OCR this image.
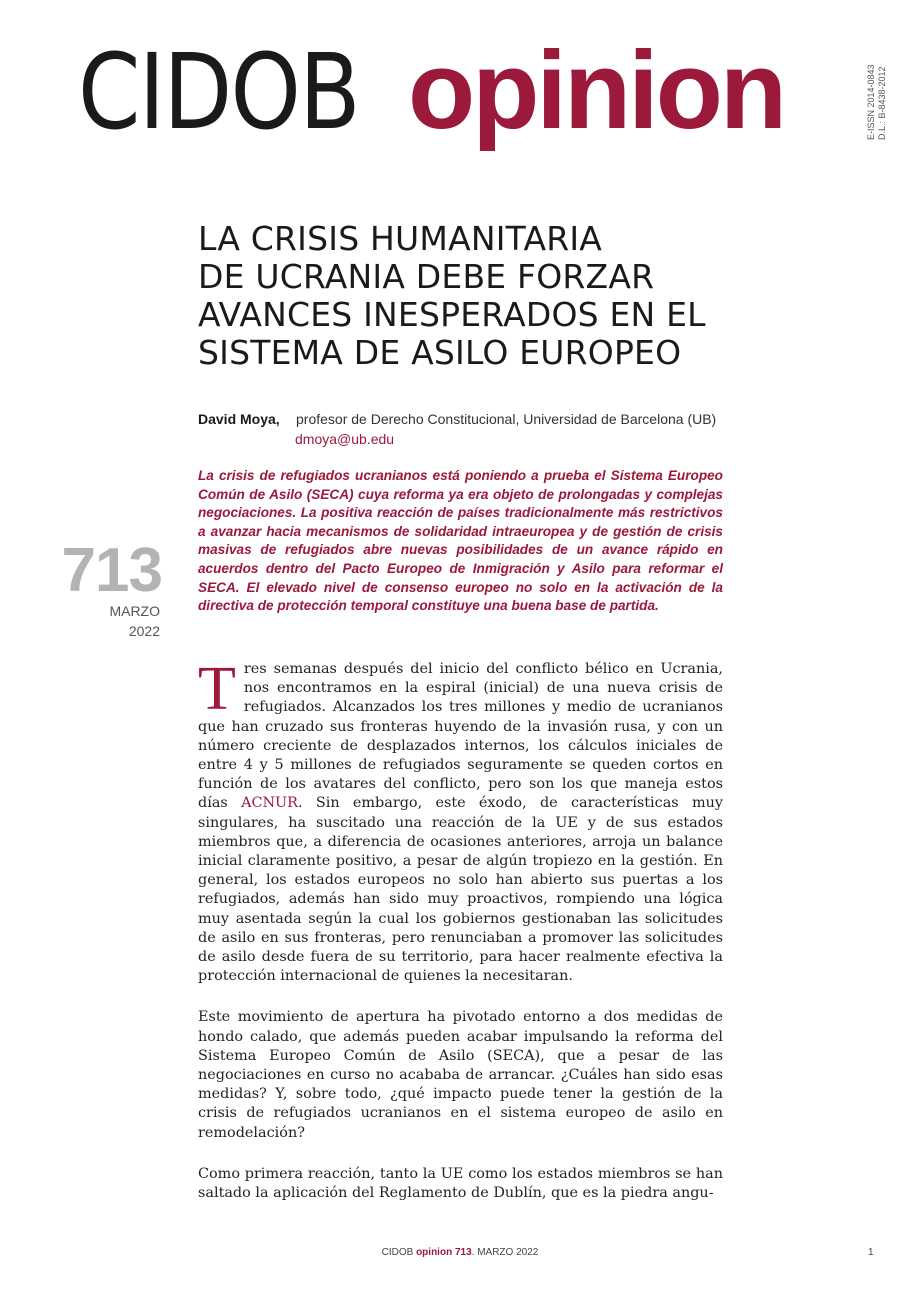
CIDOB opinion	E-ISSN 2014-0843 D.L.: B-8438-2012
LA CRISIS HUMANITARIA
DE UCRANIA DEBE FORZAR
AVANCES INESPERADOS EN EL
SISTEMA DE ASILO EUROPEO
David Moya, profesor de Derecho Constitucional, Universidad de Barcelona (UB)
dmoya@ub.edu
La crisis de refugiados ucranianos está poniendo a prueba el Sistema Europeo Común de Asilo (SECA) cuya reforma ya era objeto de prolongadas y complejas negociaciones. La positiva reacción de países tradicionalmente más restrictivos a avanzar hacia mecanismos de solidaridad intraeuropea y de gestión de crisis masivas de refugiados abre nuevas posibilidades de un avance rápido en acuerdos dentro del Pacto Europeo de Inmigración y Asilo para reformar el SECA. El elevado nivel de consenso europeo no solo en la activación de la directiva de protección temporal constituye una buena base de partida.
713
MARZO
2022

Tres semanas después del inicio del conflicto bélico en Ucrania, nos encontramos en la espiral (inicial) de una nueva crisis de refugiados. Alcanzados los tres millones y medio de ucranianos que han cruzado sus fronteras huyendo de la invasión rusa, y con un número creciente de desplazados internos, los cálculos iniciales de entre 4 y 5 millones de refugiados seguramente se queden cortos en función de los avatares del conflicto, pero son los que maneja estos días ACNUR. Sin embargo, este éxodo, de características muy singulares, ha suscitado una reacción de la UE y de sus estados miembros que, a diferencia de ocasiones anteriores, arroja un balance inicial claramente positivo, a pesar de algún tropiezo en la gestión. En general, los estados europeos no solo han abierto sus puertas a los refugiados, además han sido muy proactivos, rompiendo una lógica muy asentada según la cual los gobiernos gestionaban las solicitudes de asilo en sus fronteras, pero renunciaban a promover las solicitudes de asilo desde fuera de su territorio, para hacer realmente efectiva la protección internacional de quienes la necesitaran.

Este movimiento de apertura ha pivotado entorno a dos medidas de hondo calado, que además pueden acabar impulsando la reforma del Sistema Europeo Común de Asilo (SECA), que a pesar de las negociaciones en curso no acababa de arrancar. ¿Cuáles han sido esas medidas? Y, sobre todo, ¿qué impacto puede tener la gestión de la crisis de refugiados ucranianos en el sistema europeo de asilo en remodelación?

Como primera reacción, tanto la UE como los estados miembros se han saltado la aplicación del Reglamento de Dublín, que es la piedra angu-

CIDOB opinion 713. MARZO 2022	1
